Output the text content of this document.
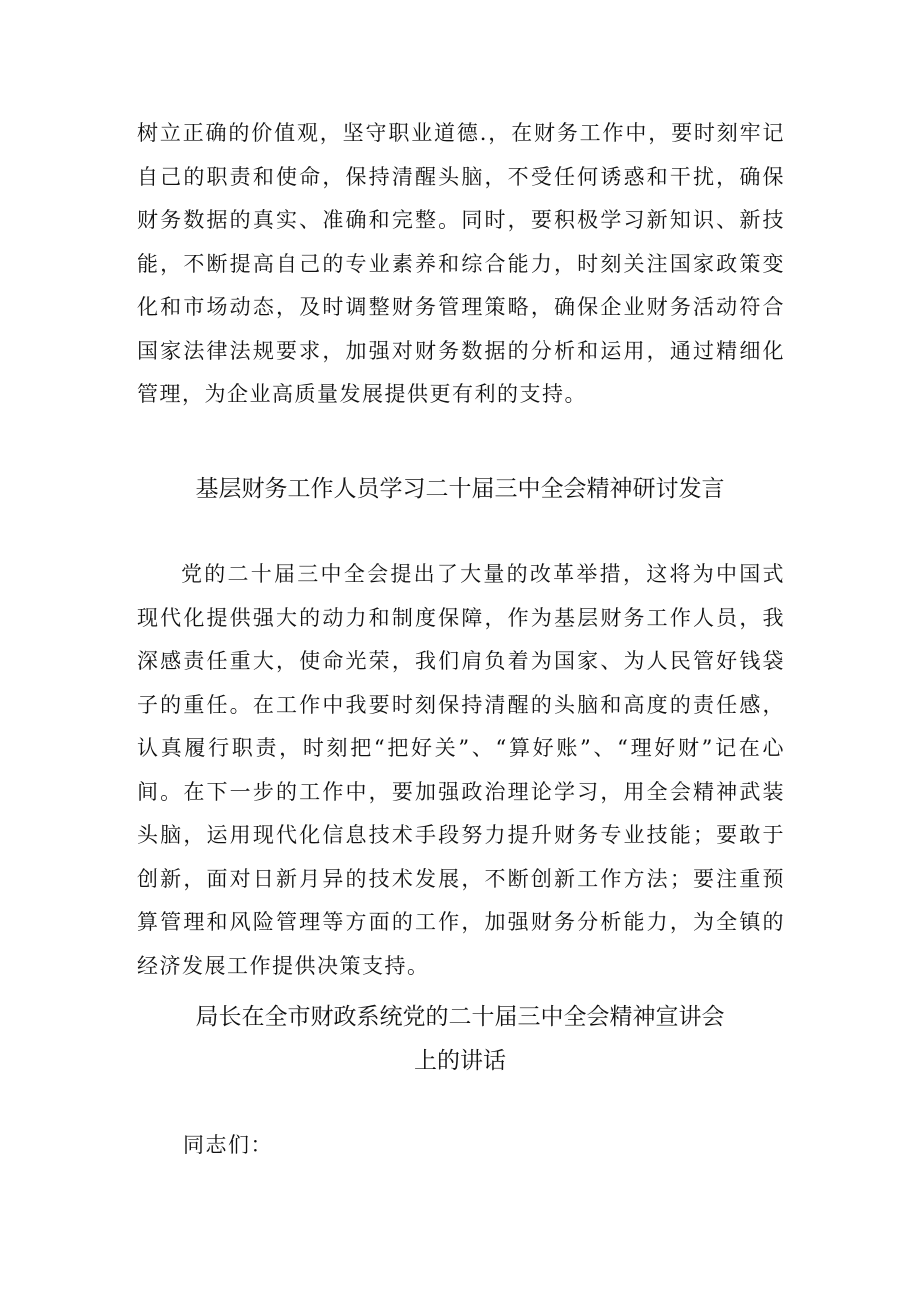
树立正确的价值观，坚守职业道德.，在财务工作中，要时刻牢记自己的职责和使命，保持清醒头脑，不受任何诱惑和干扰，确保财务数据的真实、准确和完整。同时，要积极学习新知识、新技能，不断提高自己的专业素养和综合能力，时刻关注国家政策变化和市场动态，及时调整财务管理策略，确保企业财务活动符合国家法律法规要求，加强对财务数据的分析和运用，通过精细化管理，为企业高质量发展提供更有利的支持。

基层财务工作人员学习二十届三中全会精神研讨发言

党的二十届三中全会提出了大量的改革举措，这将为中国式现代化提供强大的动力和制度保障，作为基层财务工作人员，我深感责任重大，使命光荣，我们肩负着为国家、为人民管好钱袋子的重任。在工作中我要时刻保持清醒的头脑和高度的责任感，认真履行职责，时刻把“把好关”、“算好账”、“理好财”记在心间。在下一步的工作中，要加强政治理论学习，用全会精神武装头脑，运用现代化信息技术手段努力提升财务专业技能；要敢于创新，面对日新月异的技术发展，不断创新工作方法；要注重预算管理和风险管理等方面的工作，加强财务分析能力，为全镇的经济发展工作提供决策支持。

局长在全市财政系统党的二十届三中全会精神宣讲会
上的讲话

同志们：
